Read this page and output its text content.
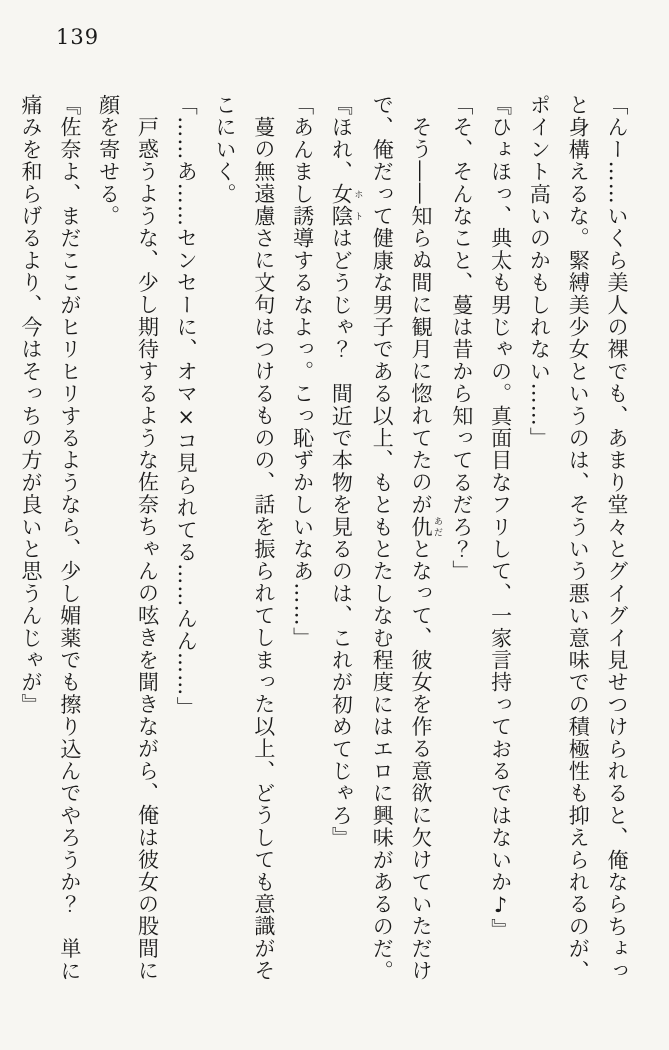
139

「んー……いくら美人の裸でも、あまり堂々とグイグイ見せつけられると、俺ならちょっ

と身構えるな。緊縛美少女というのは、そういう悪い意味での積極性も抑えられるのが、

ポイント高いのかもしれない……」

『ひょほっ、典太も男じゃの。真面目なフリして、一家言持っておるではないか♪』

「そ、そんなこと、蔓は昔から知ってるだろ？」

そう――知らぬ間に観月に惚れてたのが仇 あだとなって、彼女を作る意欲に欠けていただけ

で、俺だって健康な男子である以上、もともとたしなむ程度にはエロに興味があるのだ。

『ほれ、女陰 ホトはどうじゃ？　間近で本物を見るのは、これが初めてじゃろ』

「あんまし誘導するなよっ。こっ恥ずかしいなあ……」

蔓の無遠慮さに文句はつけるものの、話を振られてしまった以上、どうしても意識がそ

こにいく。

「……あ……センセーに、オマ×コ見られてる……んん……」

戸惑うような、少し期待するような佐奈ちゃんの呟きを聞きながら、俺は彼女の股間に

顔を寄せる。

『佐奈よ、まだここがヒリヒリするようなら、少し媚薬でも擦り込んでやろうか？　単に

痛みを和らげるより、今はそっちの方が良いと思うんじゃが』
